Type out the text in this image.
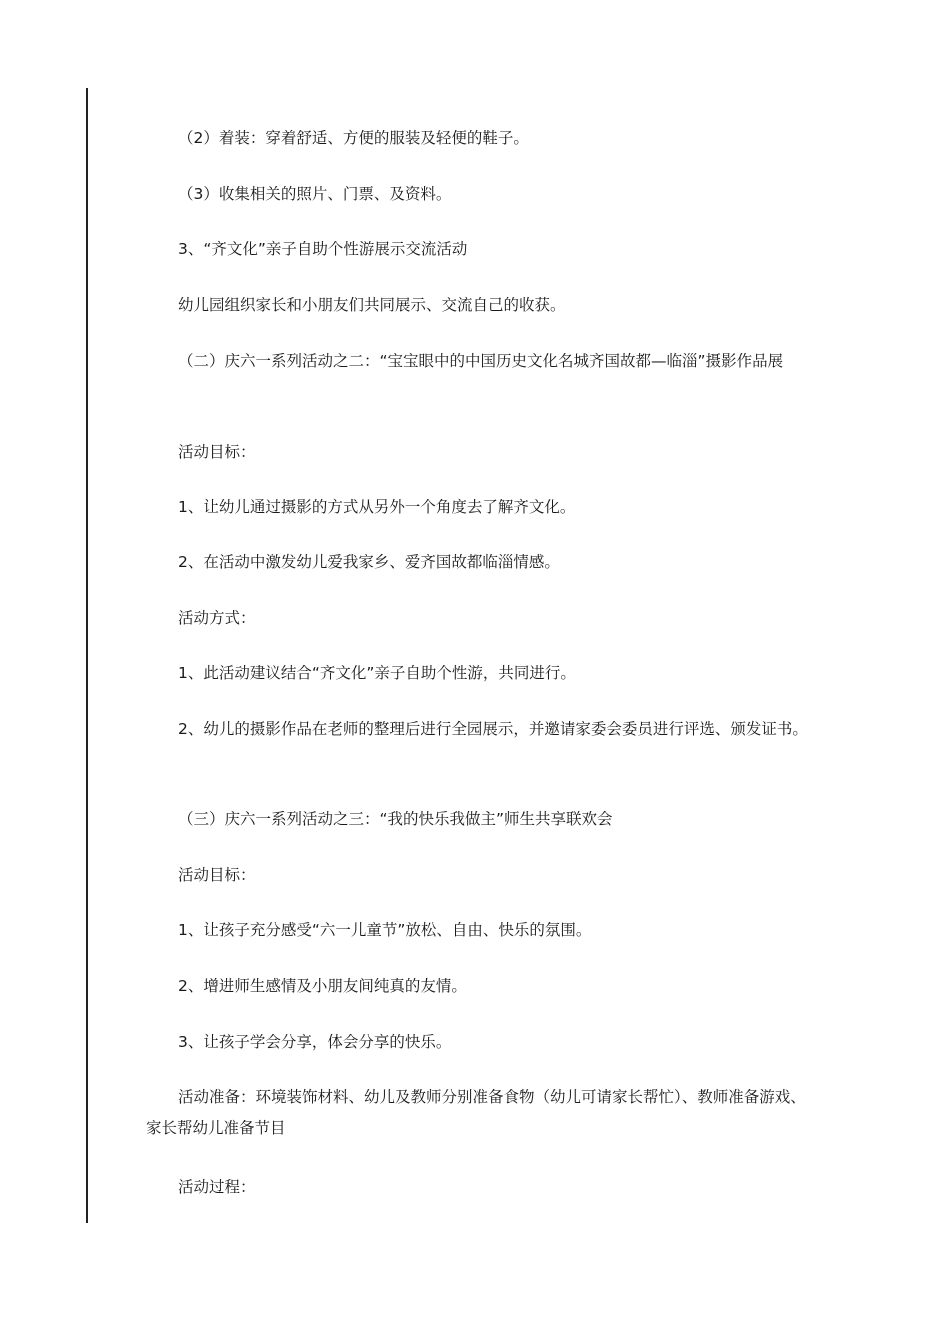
（2）着装：穿着舒适、方便的服装及轻便的鞋子。

（3）收集相关的照片、门票、及资料。

3、“齐文化”亲子自助个性游展示交流活动

幼儿园组织家长和小朋友们共同展示、交流自己的收获。

（二）庆六一系列活动之二：“宝宝眼中的中国历史文化名城齐国故都—临淄”摄影作品展

活动目标：

1、让幼儿通过摄影的方式从另外一个角度去了解齐文化。

2、在活动中激发幼儿爱我家乡、爱齐国故都临淄情感。

活动方式：

1、此活动建议结合“齐文化”亲子自助个性游，共同进行。

2、幼儿的摄影作品在老师的整理后进行全园展示，并邀请家委会委员进行评选、颁发证书。

（三）庆六一系列活动之三：“我的快乐我做主”师生共享联欢会

活动目标：

1、让孩子充分感受“六一儿童节”放松、自由、快乐的氛围。

2、增进师生感情及小朋友间纯真的友情。

3、让孩子学会分享，体会分享的快乐。

活动准备：环境装饰材料、幼儿及教师分别准备食物（幼儿可请家长帮忙）、教师准备游戏、家长帮幼儿准备节目

活动过程：
